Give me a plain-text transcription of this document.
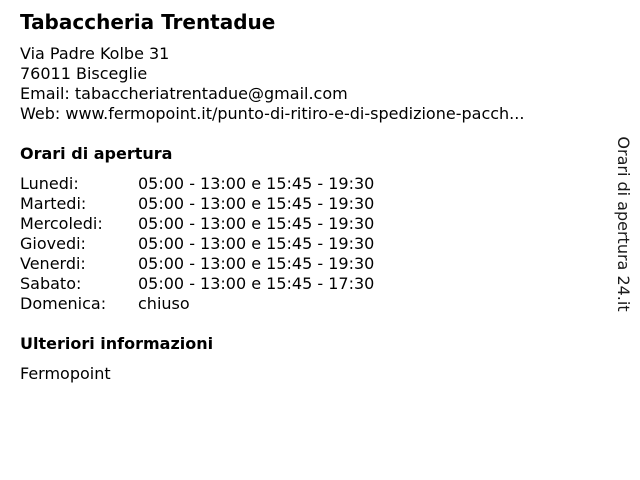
Tabaccheria Trentadue
Via Padre Kolbe 31
76011 Bisceglie
Email: tabaccheriatrentadue@gmail.com
Web: www.fermopoint.it/punto-di-ritiro-e-di-spedizione-pacch...
Orari di apertura
Lunedi:	05:00 - 13:00 e 15:45 - 19:30
Martedi:	05:00 - 13:00 e 15:45 - 19:30
Mercoledi: 05:00 - 13:00 e 15:45 - 19:30
Giovedi:	05:00 - 13:00 e 15:45 - 19:30
Venerdi:	05:00 - 13:00 e 15:45 - 19:30
Sabato:	05:00 - 13:00 e 15:45 - 17:30
Domenica: chiuso
Ulteriori informazioni
Fermopoint
Orari di apertura 24.it
